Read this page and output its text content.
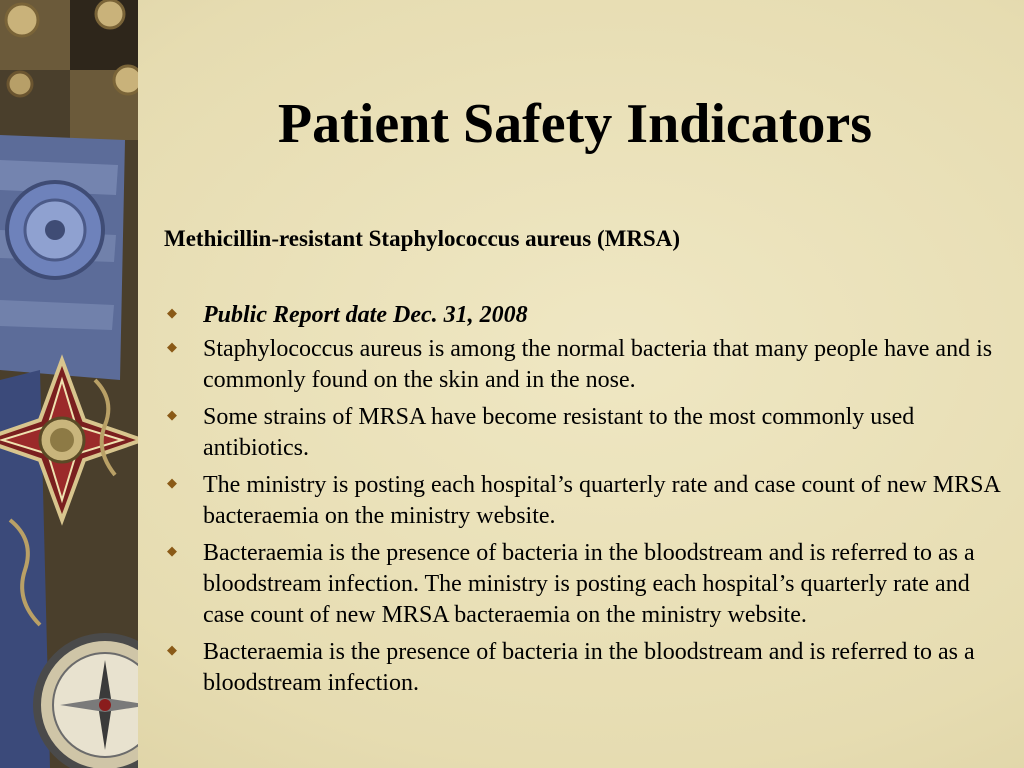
Patient Safety Indicators

Methicillin-resistant Staphylococcus aureus (MRSA)

◆ Public Report date Dec. 31, 2008
◆ Staphylococcus aureus is among the normal bacteria that many people have and is commonly found on the skin and in the nose.
◆ Some strains of MRSA have become resistant to the most commonly used antibiotics.
◆ The ministry is posting each hospital’s quarterly rate and case count of new MRSA bacteraemia on the ministry website.
◆ Bacteraemia is the presence of bacteria in the bloodstream and is referred to as a bloodstream infection. The ministry is posting each hospital’s quarterly rate and case count of new MRSA bacteraemia on the ministry website.
◆ Bacteraemia is the presence of bacteria in the bloodstream and is referred to as a bloodstream infection.
